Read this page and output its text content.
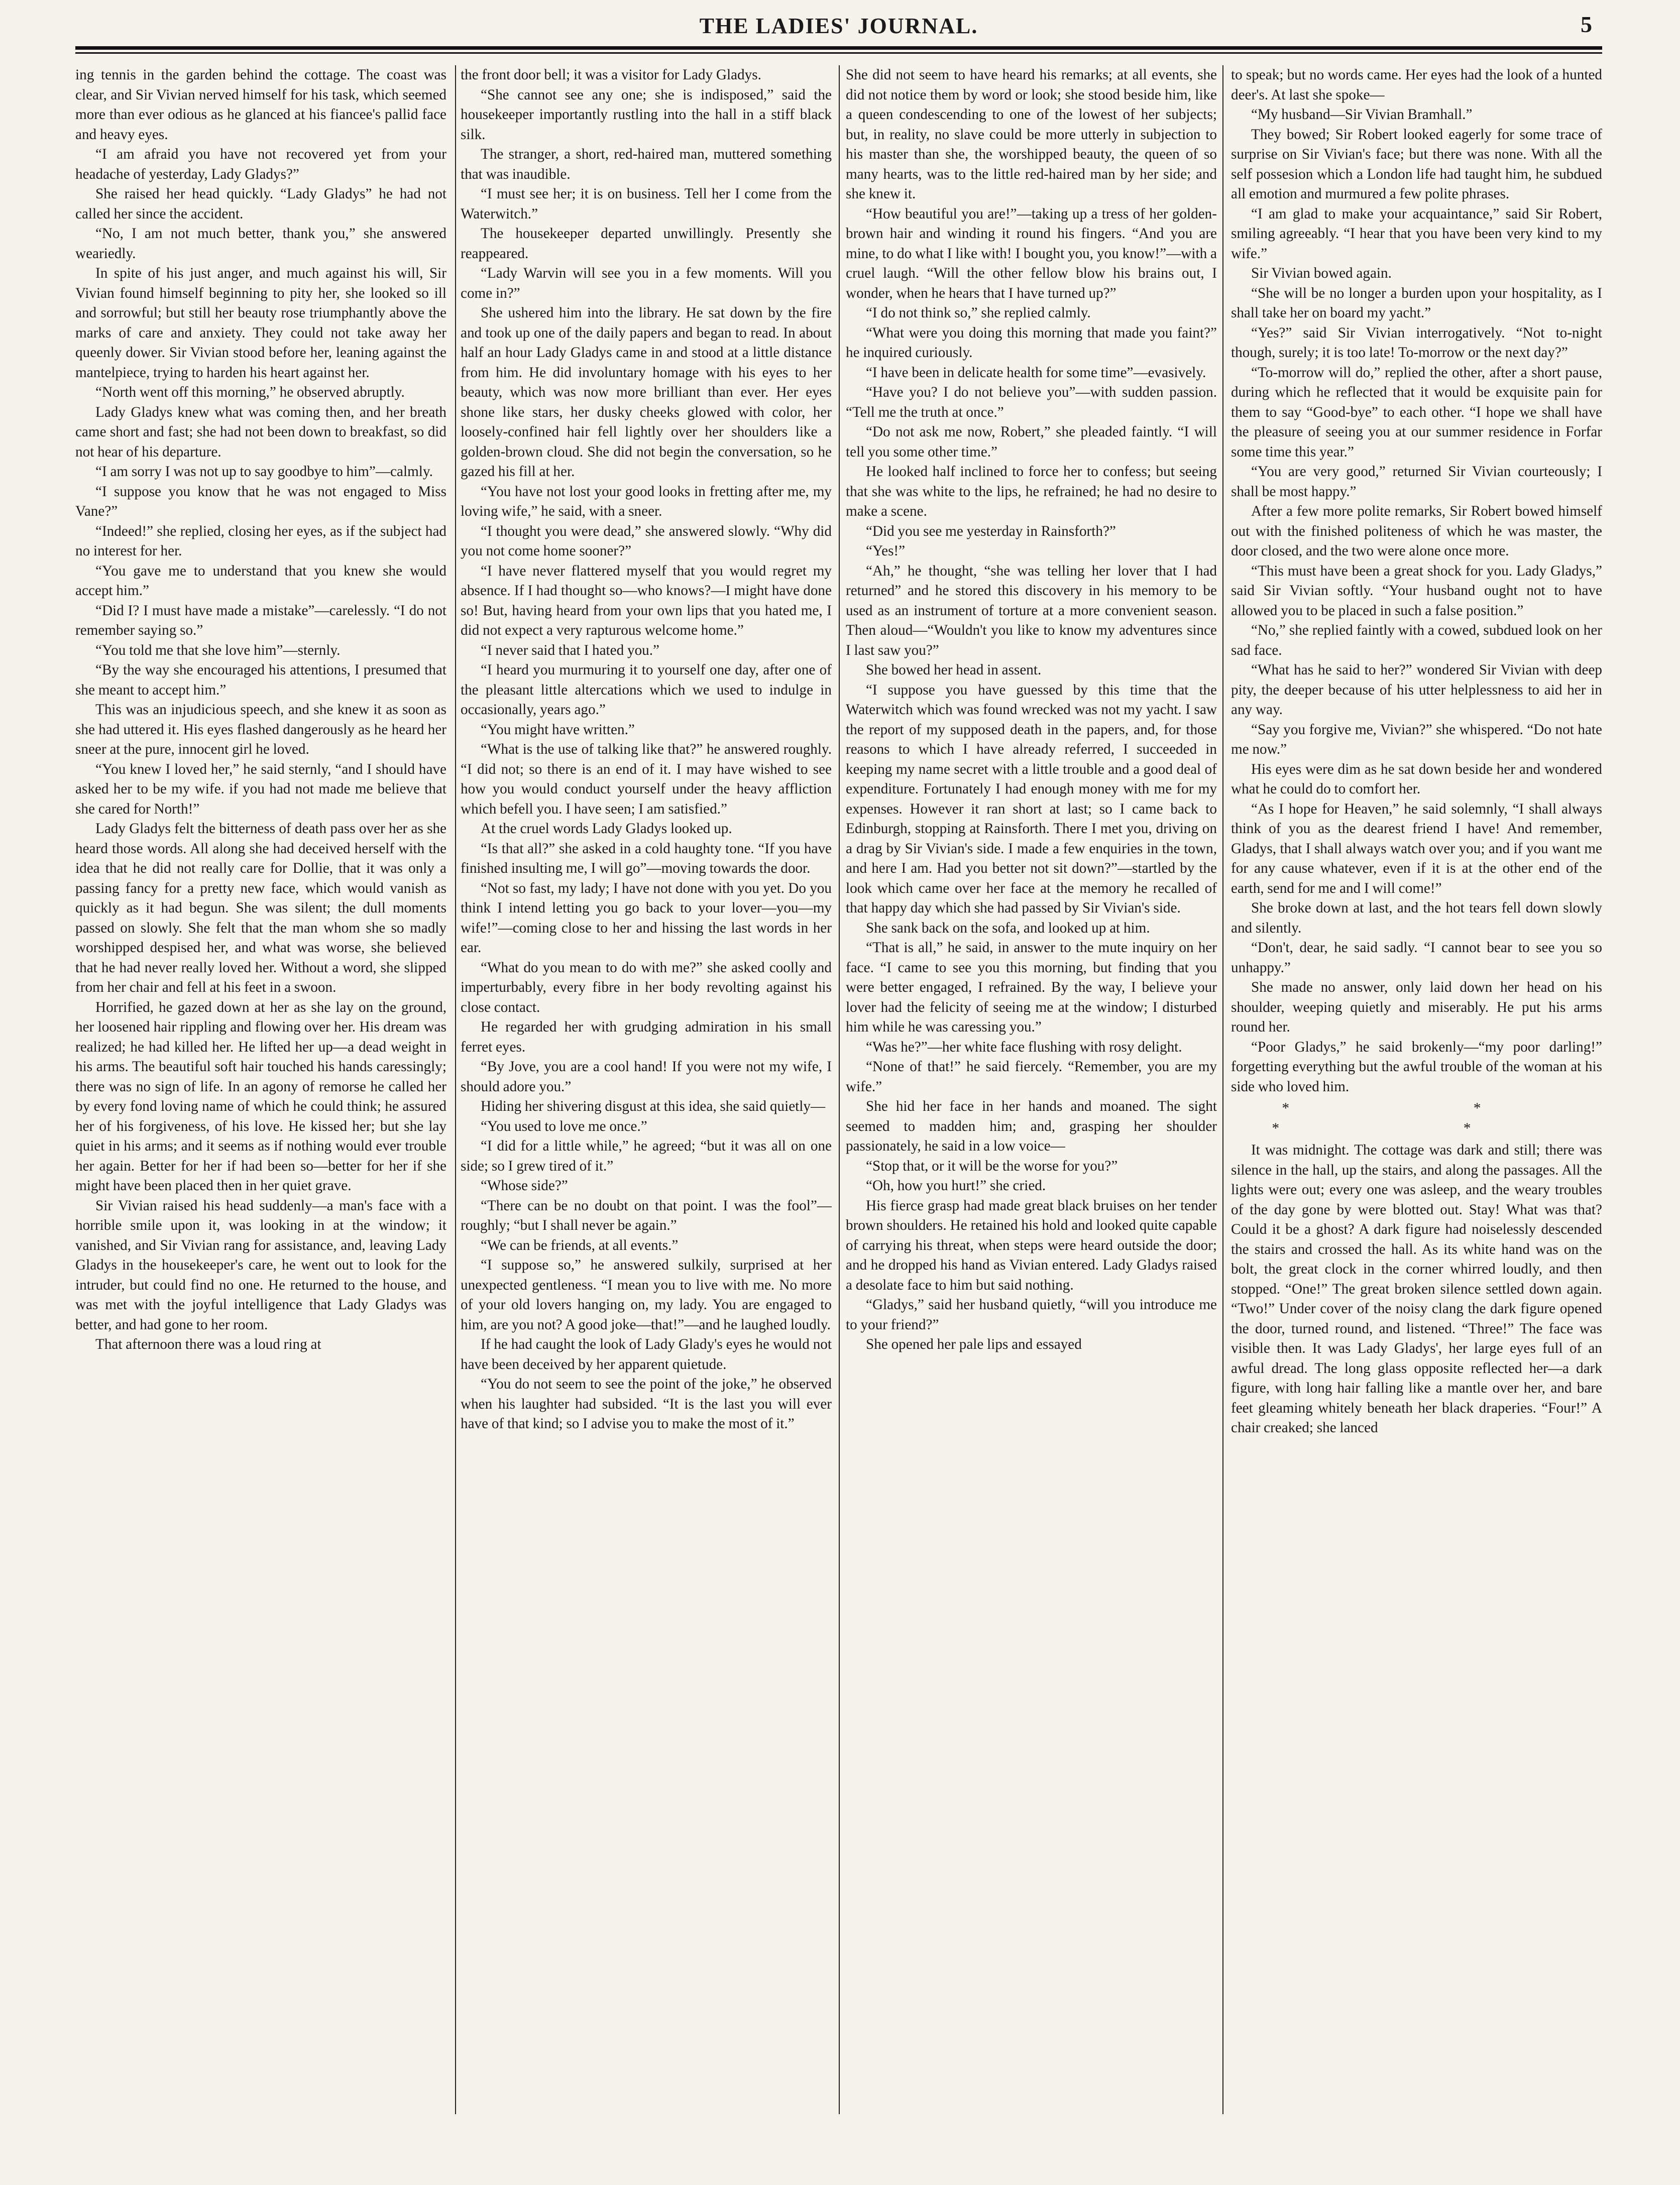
THE LADIES' JOURNAL.	5

ing tennis in the garden behind the cottage. The coast was clear, and Sir Vivian nerved himself for his task, which seemed more than ever odious as he glanced at his fiancee's pallid face and heavy eyes.

“I am afraid you have not recovered yet from your headache of yesterday, Lady Gladys?”

She raised her head quickly. “Lady Gladys” he had not called her since the accident.

“No, I am not much better, thank you,” she answered weariedly.

In spite of his just anger, and much against his will, Sir Vivian found himself beginning to pity her, she looked so ill and sorrowful; but still her beauty rose triumphantly above the marks of care and anxiety. They could not take away her queenly dower. Sir Vivian stood before her, leaning against the mantelpiece, trying to harden his heart against her.

“North went off this morning,” he observed abruptly.

Lady Gladys knew what was coming then, and her breath came short and fast; she had not been down to breakfast, so did not hear of his departure.

“I am sorry I was not up to say goodbye to him”—calmly.

“I suppose you know that he was not engaged to Miss Vane?”

“Indeed!” she replied, closing her eyes, as if the subject had no interest for her.

“You gave me to understand that you knew she would accept him.”

“Did I? I must have made a mistake”—carelessly. “I do not remember saying so.”

“You told me that she love him”—sternly.

“By the way she encouraged his attentions, I presumed that she meant to accept him.”

This was an injudicious speech, and she knew it as soon as she had uttered it. His eyes flashed dangerously as he heard her sneer at the pure, innocent girl he loved.

“You knew I loved her,” he said sternly, “and I should have asked her to be my wife. if you had not made me believe that she cared for North!”

Lady Gladys felt the bitterness of death pass over her as she heard those words. All along she had deceived herself with the idea that he did not really care for Dollie, that it was only a passing fancy for a pretty new face, which would vanish as quickly as it had begun. She was silent; the dull moments passed on slowly. She felt that the man whom she so madly worshipped despised her, and what was worse, she believed that he had never really loved her. Without a word, she slipped from her chair and fell at his feet in a swoon.

Horrified, he gazed down at her as she lay on the ground, her loosened hair rippling and flowing over her. His dream was realized; he had killed her. He lifted her up—a dead weight in his arms. The beautiful soft hair touched his hands caressingly; there was no sign of life. In an agony of remorse he called her by every fond loving name of which he could think; he assured her of his forgiveness, of his love. He kissed her; but she lay quiet in his arms; and it seems as if nothing would ever trouble her again. Better for her if had been so—better for her if she might have been placed then in her quiet grave.

Sir Vivian raised his head suddenly—a man's face with a horrible smile upon it, was looking in at the window; it vanished, and Sir Vivian rang for assistance, and, leaving Lady Gladys in the housekeeper's care, he went out to look for the intruder, but could find no one. He returned to the house, and was met with the joyful intelligence that Lady Gladys was better, and had gone to her room.

That afternoon there was a loud ring at

the front door bell; it was a visitor for Lady Gladys.

“She cannot see any one; she is indisposed,” said the housekeeper importantly rustling into the hall in a stiff black silk.

The stranger, a short, red-haired man, muttered something that was inaudible.

“I must see her; it is on business. Tell her I come from the Waterwitch.”

The housekeeper departed unwillingly. Presently she reappeared.

“Lady Warvin will see you in a few moments. Will you come in?”

She ushered him into the library. He sat down by the fire and took up one of the daily papers and began to read. In about half an hour Lady Gladys came in and stood at a little distance from him. He did involuntary homage with his eyes to her beauty, which was now more brilliant than ever. Her eyes shone like stars, her dusky cheeks glowed with color, her loosely-confined hair fell lightly over her shoulders like a golden-brown cloud. She did not begin the conversation, so he gazed his fill at her.

“You have not lost your good looks in fretting after me, my loving wife,” he said, with a sneer.

“I thought you were dead,” she answered slowly. “Why did you not come home sooner?”

“I have never flattered myself that you would regret my absence. If I had thought so—who knows?—I might have done so! But, having heard from your own lips that you hated me, I did not expect a very rapturous welcome home.”

“I never said that I hated you.”

“I heard you murmuring it to yourself one day, after one of the pleasant little altercations which we used to indulge in occasionally, years ago.”

“You might have written.”

“What is the use of talking like that?” he answered roughly. “I did not; so there is an end of it. I may have wished to see how you would conduct yourself under the heavy affliction which befell you. I have seen; I am satisfied.”

At the cruel words Lady Gladys looked up.

“Is that all?” she asked in a cold haughty tone. “If you have finished insulting me, I will go”—moving towards the door.

“Not so fast, my lady; I have not done with you yet. Do you think I intend letting you go back to your lover—you—my wife!”—coming close to her and hissing the last words in her ear.

“What do you mean to do with me?” she asked coolly and imperturbably, every fibre in her body revolting against his close contact.

He regarded her with grudging admiration in his small ferret eyes.

“By Jove, you are a cool hand! If you were not my wife, I should adore you.”

Hiding her shivering disgust at this idea, she said quietly—

“You used to love me once.”

“I did for a little while,” he agreed; “but it was all on one side; so I grew tired of it.”

“Whose side?”

“There can be no doubt on that point. I was the fool”—roughly; “but I shall never be again.”

“We can be friends, at all events.”

“I suppose so,” he answered sulkily, surprised at her unexpected gentleness. “I mean you to live with me. No more of your old lovers hanging on, my lady. You are engaged to him, are you not? A good joke—that!”—and he laughed loudly.

If he had caught the look of Lady Glady's eyes he would not have been deceived by her apparent quietude.

“You do not seem to see the point of the joke,” he observed when his laughter had subsided. “It is the last you will ever have of that kind; so I advise you to make the most of it.”

She did not seem to have heard his remarks; at all events, she did not notice them by word or look; she stood beside him, like a queen condescending to one of the lowest of her subjects; but, in reality, no slave could be more utterly in subjection to his master than she, the worshipped beauty, the queen of so many hearts, was to the little red-haired man by her side; and she knew it.

“How beautiful you are!”—taking up a tress of her golden-brown hair and winding it round his fingers. “And you are mine, to do what I like with! I bought you, you know!”—with a cruel laugh. “Will the other fellow blow his brains out, I wonder, when he hears that I have turned up?”

“I do not think so,” she replied calmly.

“What were you doing this morning that made you faint?” he inquired curiously.

“I have been in delicate health for some time”—evasively.

“Have you? I do not believe you”—with sudden passion. “Tell me the truth at once.”

“Do not ask me now, Robert,” she pleaded faintly. “I will tell you some other time.”

He looked half inclined to force her to confess; but seeing that she was white to the lips, he refrained; he had no desire to make a scene.

“Did you see me yesterday in Rainsforth?”

“Yes!”

“Ah,” he thought, “she was telling her lover that I had returned” and he stored this discovery in his memory to be used as an instrument of torture at a more convenient season. Then aloud—“Wouldn't you like to know my adventures since I last saw you?”

She bowed her head in assent.

“I suppose you have guessed by this time that the Waterwitch which was found wrecked was not my yacht. I saw the report of my supposed death in the papers, and, for those reasons to which I have already referred, I succeeded in keeping my name secret with a little trouble and a good deal of expenditure. Fortunately I had enough money with me for my expenses. However it ran short at last; so I came back to Edinburgh, stopping at Rainsforth. There I met you, driving on a drag by Sir Vivian's side. I made a few enquiries in the town, and here I am. Had you better not sit down?”—startled by the look which came over her face at the memory he recalled of that happy day which she had passed by Sir Vivian's side.

She sank back on the sofa, and looked up at him.

“That is all,” he said, in answer to the mute inquiry on her face. “I came to see you this morning, but finding that you were better engaged, I refrained. By the way, I believe your lover had the felicity of seeing me at the window; I disturbed him while he was caressing you.”

“Was he?”—her white face flushing with rosy delight.

“None of that!” he said fiercely. “Remember, you are my wife.”

She hid her face in her hands and moaned. The sight seemed to madden him; and, grasping her shoulder passionately, he said in a low voice—

“Stop that, or it will be the worse for you?”

“Oh, how you hurt!” she cried.

His fierce grasp had made great black bruises on her tender brown shoulders. He retained his hold and looked quite capable of carrying his threat, when steps were heard outside the door; and he dropped his hand as Vivian entered. Lady Gladys raised a desolate face to him but said nothing.

“Gladys,” said her husband quietly, “will you introduce me to your friend?”

She opened her pale lips and essayed

to speak; but no words came. Her eyes had the look of a hunted deer's. At last she spoke—

“My husband—Sir Vivian Bramhall.”

They bowed; Sir Robert looked eagerly for some trace of surprise on Sir Vivian's face; but there was none. With all the self possesion which a London life had taught him, he subdued all emotion and murmured a few polite phrases.

“I am glad to make your acquaintance,” said Sir Robert, smiling agreeably. “I hear that you have been very kind to my wife.”

Sir Vivian bowed again.

“She will be no longer a burden upon your hospitality, as I shall take her on board my yacht.”

“Yes?” said Sir Vivian interrogatively. “Not to-night though, surely; it is too late! To-morrow or the next day?”

“To-morrow will do,” replied the other, after a short pause, during which he reflected that it would be exquisite pain for them to say “Good-bye” to each other. “I hope we shall have the pleasure of seeing you at our summer residence in Forfar some time this year.”

“You are very good,” returned Sir Vivian courteously; I shall be most happy.”

After a few more polite remarks, Sir Robert bowed himself out with the finished politeness of which he was master, the door closed, and the two were alone once more.

“This must have been a great shock for you. Lady Gladys,” said Sir Vivian softly. “Your husband ought not to have allowed you to be placed in such a false position.”

“No,” she replied faintly with a cowed, subdued look on her sad face.

“What has he said to her?” wondered Sir Vivian with deep pity, the deeper because of his utter helplessness to aid her in any way.

“Say you forgive me, Vivian?” she whispered. “Do not hate me now.”

His eyes were dim as he sat down beside her and wondered what he could do to comfort her.

“As I hope for Heaven,” he said solemnly, “I shall always think of you as the dearest friend I have! And remember, Gladys, that I shall always watch over you; and if you want me for any cause whatever, even if it is at the other end of the earth, send for me and I will come!”

She broke down at last, and the hot tears fell down slowly and silently.

“Don't, dear, he said sadly. “I cannot bear to see you so unhappy.”

She made no answer, only laid down her head on his shoulder, weeping quietly and miserably. He put his arms round her.

“Poor Gladys,” he said brokenly—“my poor darling!” forgetting everything but the awful trouble of the woman at his side who loved him.

* * * *

It was midnight. The cottage was dark and still; there was silence in the hall, up the stairs, and along the passages. All the lights were out; every one was asleep, and the weary troubles of the day gone by were blotted out. Stay! What was that? Could it be a ghost? A dark figure had noiselessly descended the stairs and crossed the hall. As its white hand was on the bolt, the great clock in the corner whirred loudly, and then stopped. “One!” The great broken silence settled down again. “Two!” Under cover of the noisy clang the dark figure opened the door, turned round, and listened. “Three!” The face was visible then. It was Lady Gladys', her large eyes full of an awful dread. The long glass opposite reflected her—a dark figure, with long hair falling like a mantle over her, and bare feet gleaming whitely beneath her black draperies. “Four!” A chair creaked; she lanced
